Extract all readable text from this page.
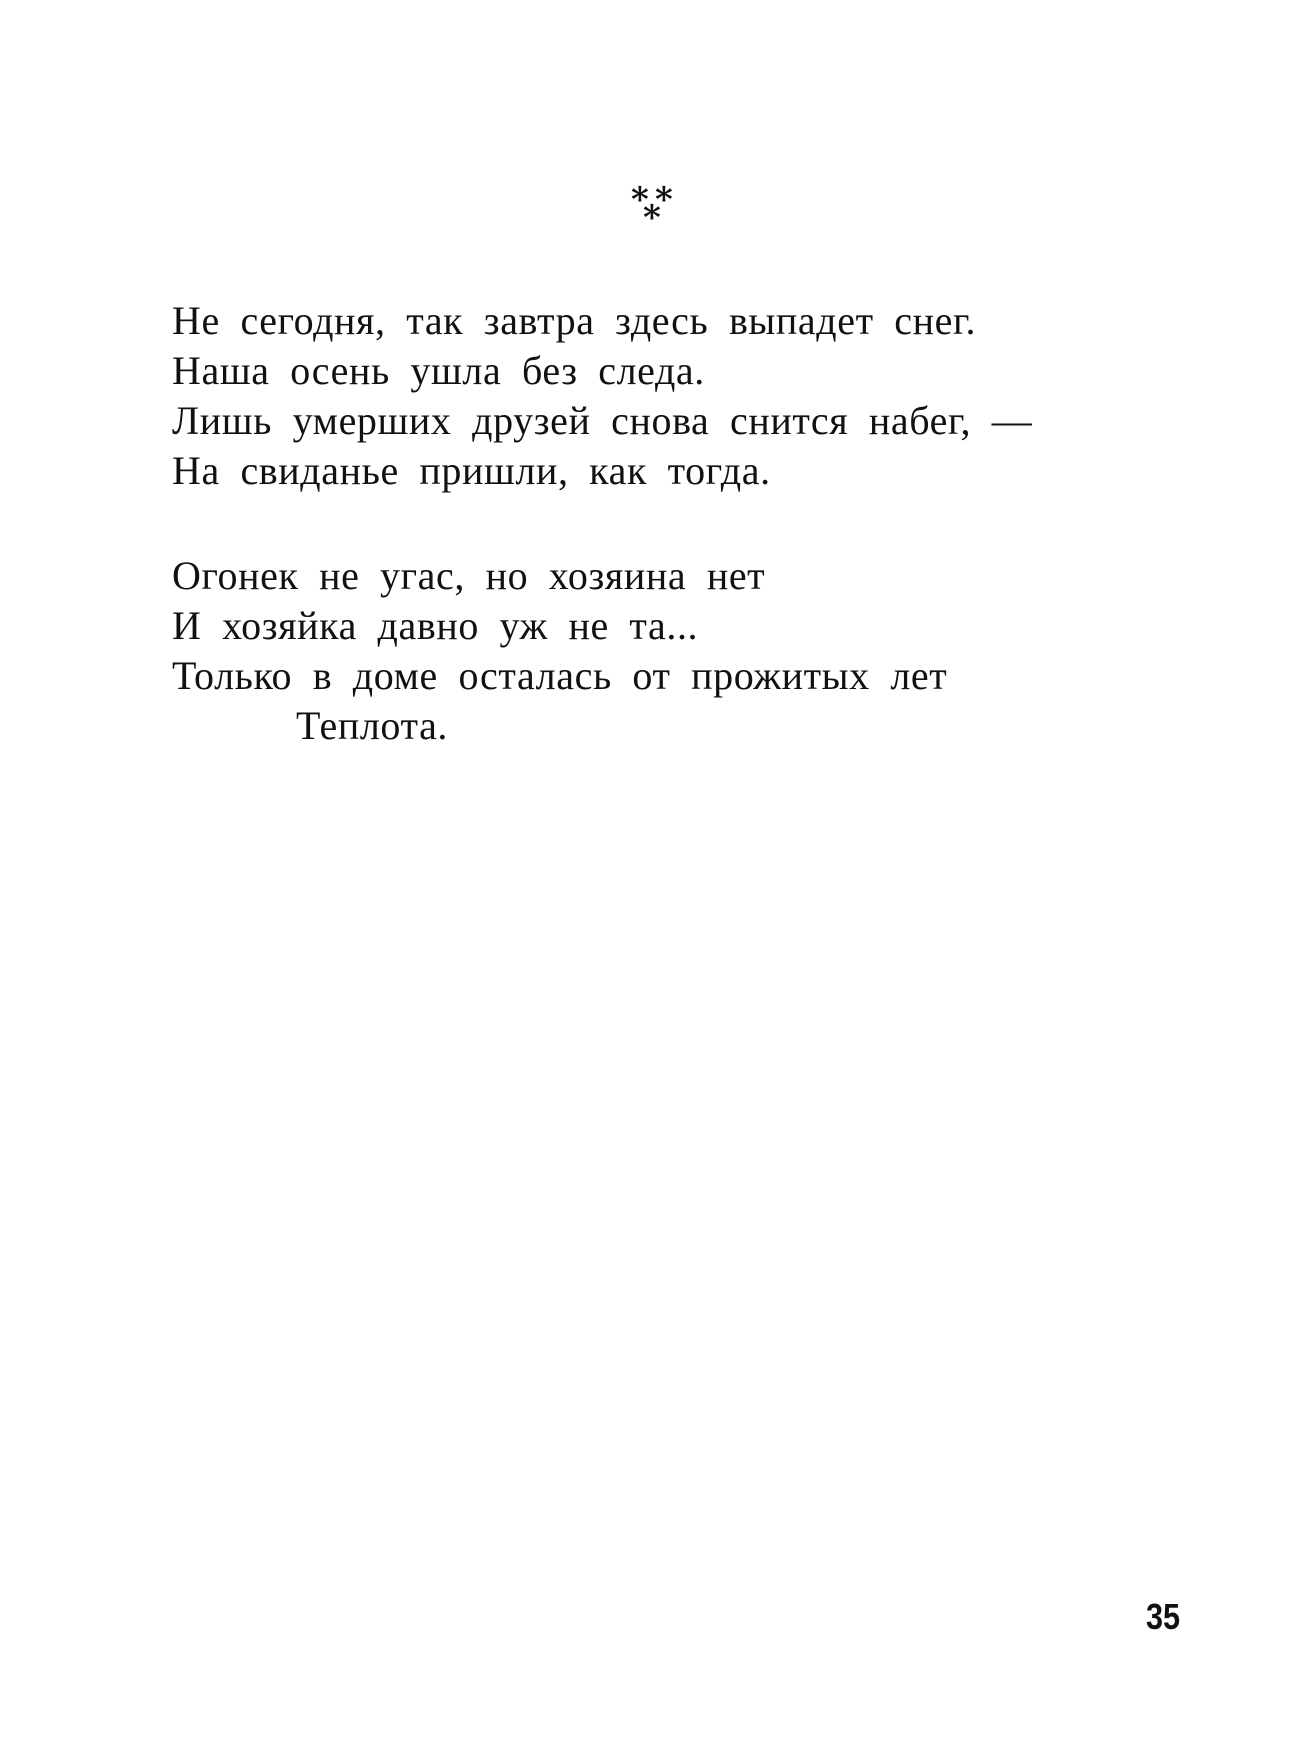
* *
*
Не сегодня, так завтра здесь выпадет снег.
Наша осень ушла без следа.
Лишь умерших друзей снова снится набег, —
На свиданье пришли, как тогда.
Огонек не угас, но хозяина нет
И хозяйка давно уж не та...
Только в доме осталась от прожитых лет
Теплота.
35
